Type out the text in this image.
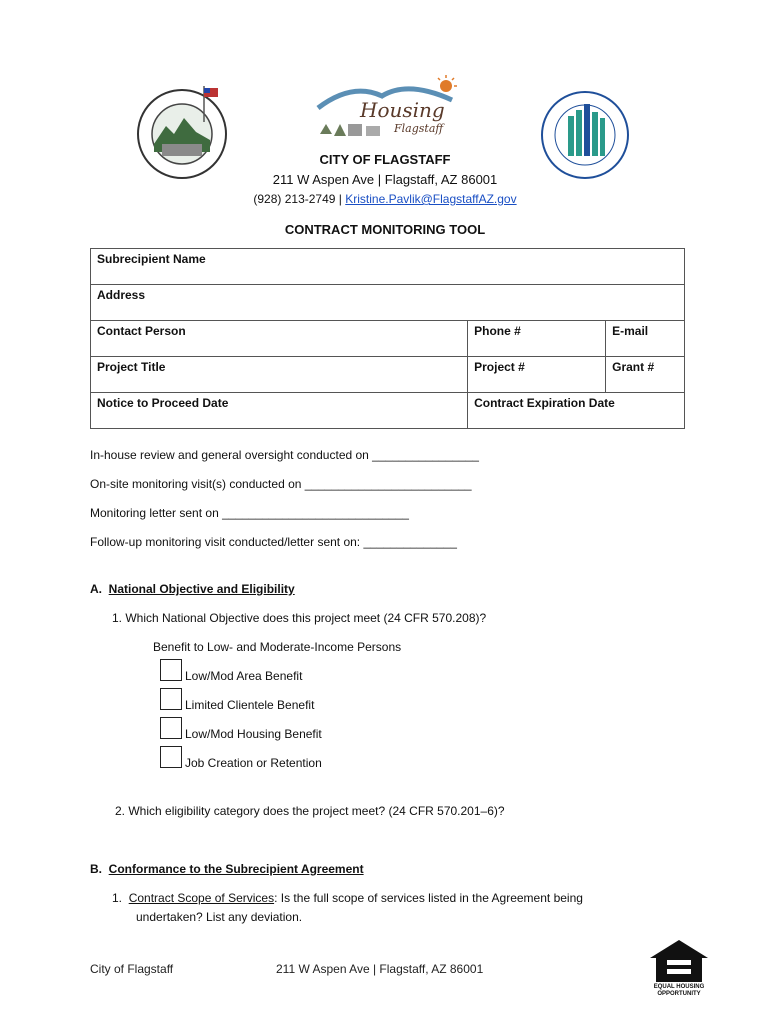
Housing
Flagstaff
CITY OF FLAGSTAFF
211 W Aspen Ave | Flagstaff, AZ 86001
(928) 213-2749 | Kristine.Pavlik@FlagstaffAZ.gov
CONTRACT MONITORING TOOL
Subrecipient Name		
Address		
Contact Person	Phone #	E-mail
Project Title	Project #	Grant #
Notice to Proceed Date	Contract Expiration Date	
In-house review and general oversight conducted on ________________
On-site monitoring visit(s) conducted on _________________________
Monitoring letter sent on ____________________________
Follow-up monitoring visit conducted/letter sent on: ______________
A. National Objective and Eligibility
1. Which National Objective does this project meet (24 CFR 570.208)?
Benefit to Low- and Moderate-Income Persons
Low/Mod Area Benefit
Limited Clientele Benefit
Low/Mod Housing Benefit
Job Creation or Retention
2. Which eligibility category does the project meet? (24 CFR 570.201–6)?
B. Conformance to the Subrecipient Agreement
1. Contract Scope of Services: Is the full scope of services listed in the Agreement being
undertaken? List any deviation.
City of Flagstaff	211 W Aspen Ave | Flagstaff, AZ 86001
EQUAL HOUSING
OPPORTUNITY
